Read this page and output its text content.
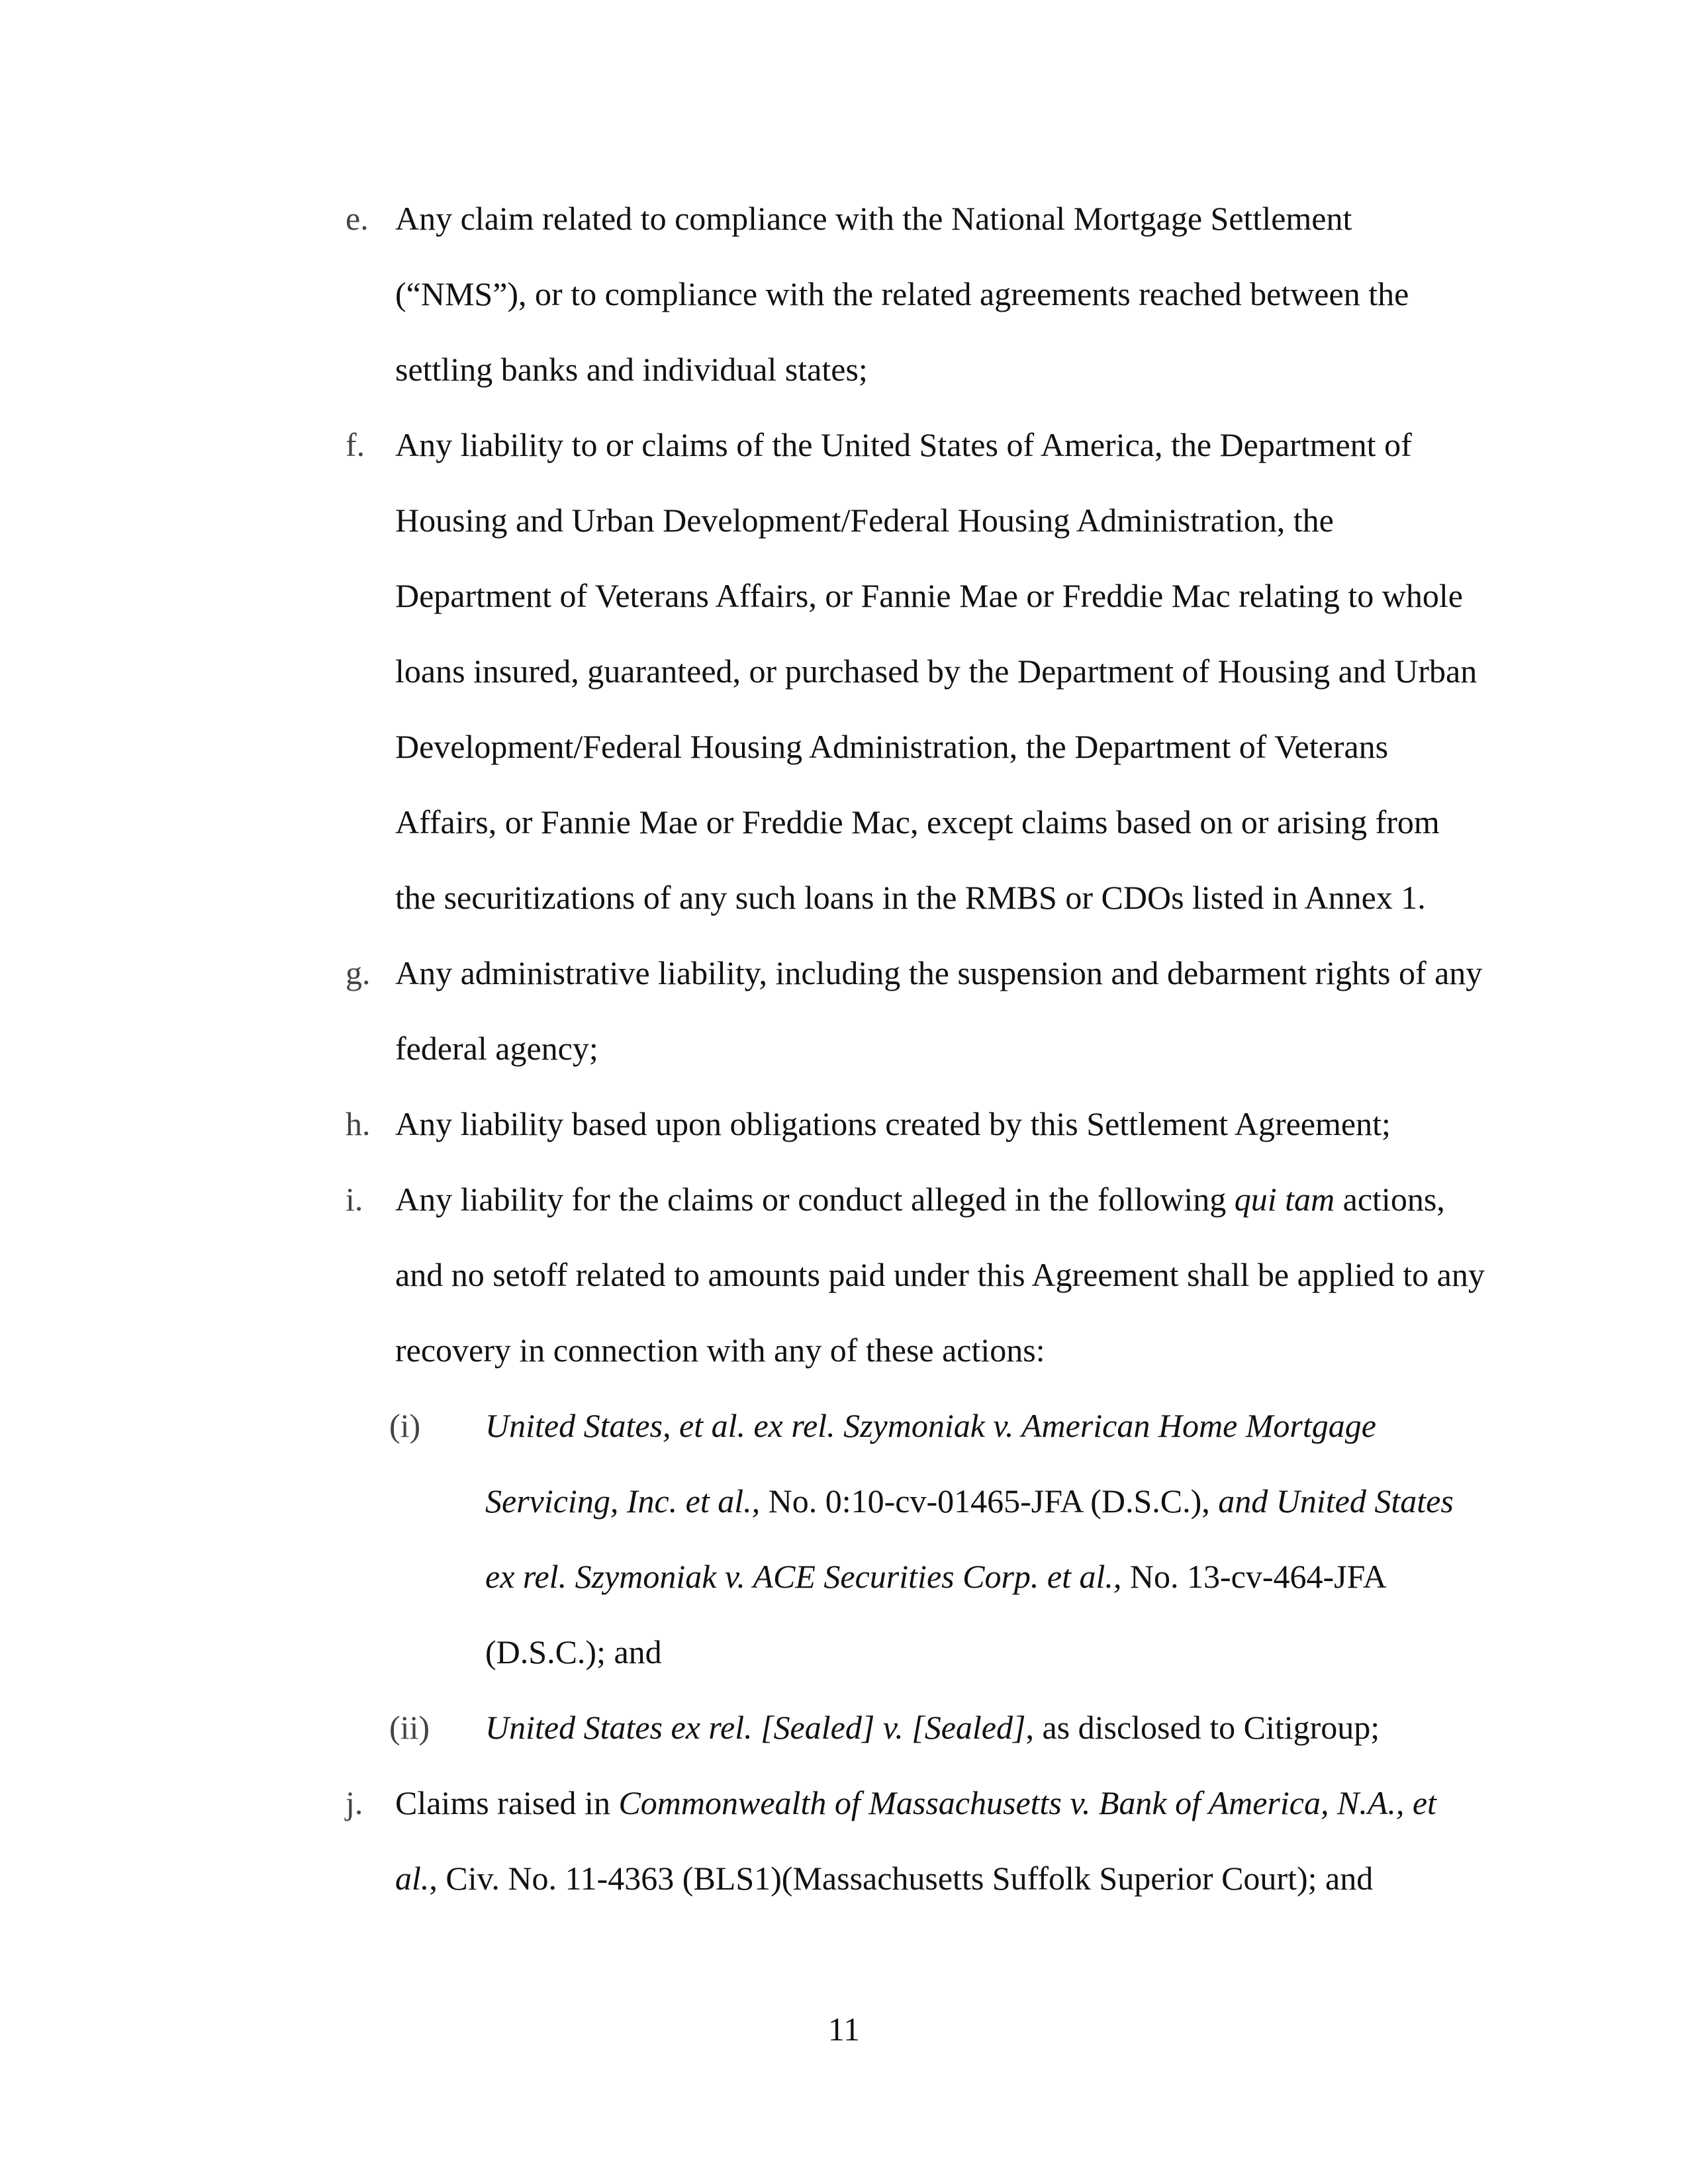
e. Any claim related to compliance with the National Mortgage Settlement
(“NMS”), or to compliance with the related agreements reached between the
settling banks and individual states;
f. Any liability to or claims of the United States of America, the Department of
Housing and Urban Development/Federal Housing Administration, the
Department of Veterans Affairs, or Fannie Mae or Freddie Mac relating to whole
loans insured, guaranteed, or purchased by the Department of Housing and Urban
Development/Federal Housing Administration, the Department of Veterans
Affairs, or Fannie Mae or Freddie Mac, except claims based on or arising from
the securitizations of any such loans in the RMBS or CDOs listed in Annex 1.
g. Any administrative liability, including the suspension and debarment rights of any
federal agency;
h. Any liability based upon obligations created by this Settlement Agreement;
i. Any liability for the claims or conduct alleged in the following qui tam actions,
and no setoff related to amounts paid under this Agreement shall be applied to any
recovery in connection with any of these actions:
(i) United States, et al. ex rel. Szymoniak v. American Home Mortgage
Servicing, Inc. et al., No. 0:10-cv-01465-JFA (D.S.C.), and United States
ex rel. Szymoniak v. ACE Securities Corp. et al., No. 13-cv-464-JFA
(D.S.C.); and
(ii) United States ex rel. [Sealed] v. [Sealed], as disclosed to Citigroup;
j. Claims raised in Commonwealth of Massachusetts v. Bank of America, N.A., et
al., Civ. No. 11-4363 (BLS1)(Massachusetts Suffolk Superior Court); and
11
